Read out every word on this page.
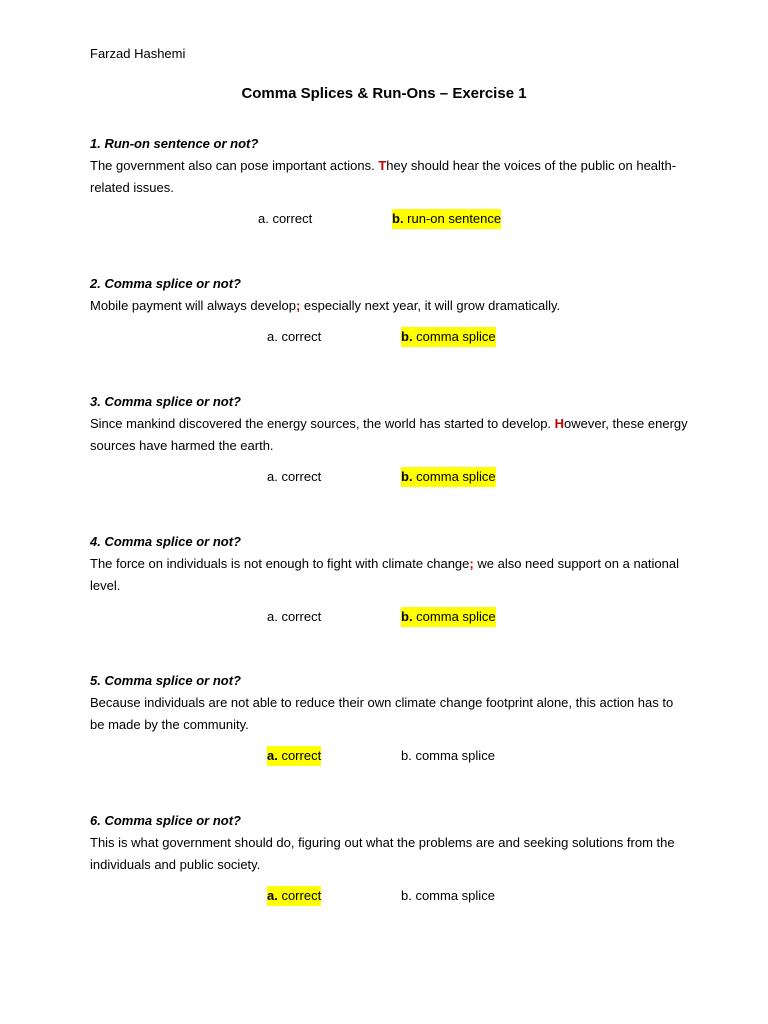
Farzad Hashemi
Comma Splices & Run-Ons – Exercise 1

1. Run-on sentence or not?

The government also can pose important actions. They should hear the voices of the public on health-related issues.

a. correct	b. run-on sentence

2. Comma splice or not?

Mobile payment will always develop; especially next year, it will grow dramatically.

a. correct	b. comma splice

3. Comma splice or not?

Since mankind discovered the energy sources, the world has started to develop. However, these energy sources have harmed the earth.

a. correct	b. comma splice

4. Comma splice or not?

The force on individuals is not enough to fight with climate change; we also need support on a national level.

a. correct	b. comma splice

5. Comma splice or not?

Because individuals are not able to reduce their own climate change footprint alone, this action has to be made by the community.

a. correct	b. comma splice

6. Comma splice or not?

This is what government should do, figuring out what the problems are and seeking solutions from the individuals and public society.

a. correct	b. comma splice
